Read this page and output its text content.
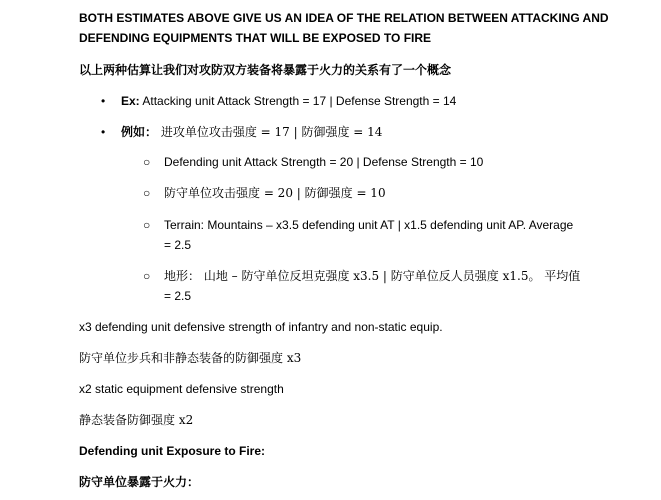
BOTH ESTIMATES ABOVE GIVE US AN IDEA OF THE RELATION BETWEEN ATTACKING AND
DEFENDING EQUIPMENTS THAT WILL BE EXPOSED TO FIRE
以上两种估算让我们对攻防双方装备将暴露于火力的关系有了一个概念
• Ex: Attacking unit Attack Strength = 17 | Defense Strength = 14
• 例如： 进攻单位攻击强度 = 17 | 防御强度 = 14
○ Defending unit Attack Strength = 20 | Defense Strength = 10
○ 防守单位攻击强度 = 20 | 防御强度 = 10
○ Terrain: Mountains – x3.5 defending unit AT | x1.5 defending unit AP. Average
= 2.5
○ 地形： 山地 – 防守单位反坦克强度 x3.5 | 防守单位反人员强度 x1.5。 平均值
= 2.5
x3 defending unit defensive strength of infantry and non-static equip.
防守单位步兵和非静态装备的防御强度 x3
x2 static equipment defensive strength
静态装备防御强度 x2
Defending unit Exposure to Fire:
防守单位暴露于火力：
